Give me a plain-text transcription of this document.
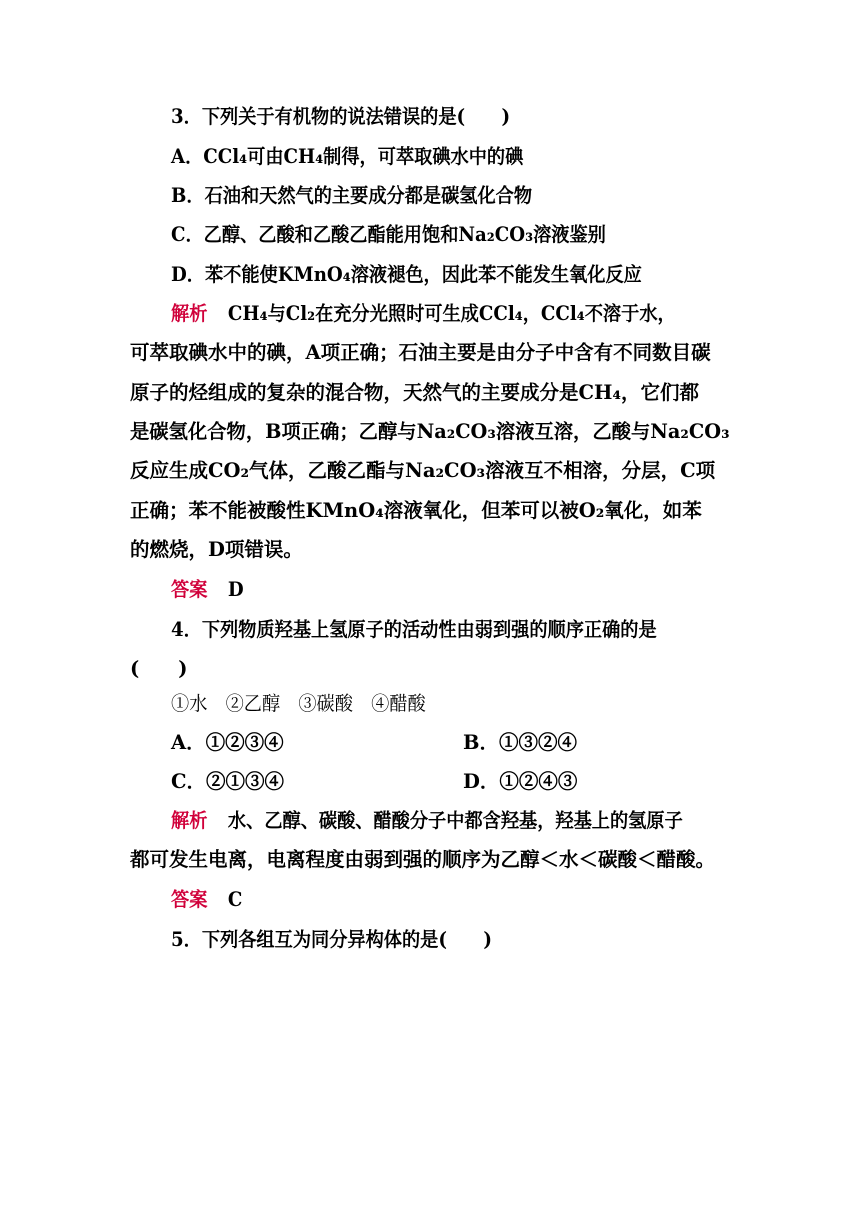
3．下列关于有机物的说法错误的是(　　)
A．CCl₄可由CH₄制得，可萃取碘水中的碘
B．石油和天然气的主要成分都是碳氢化合物
C．乙醇、乙酸和乙酸乙酯能用饱和Na₂CO₃溶液鉴别
D．苯不能使KMnO₄溶液褪色，因此苯不能发生氧化反应
解析 CH₄与Cl₂在充分光照时可生成CCl₄，CCl₄不溶于水，
可萃取碘水中的碘，A项正确；石油主要是由分子中含有不同数目碳
原子的烃组成的复杂的混合物，天然气的主要成分是CH₄，它们都
是碳氢化合物，B项正确；乙醇与Na₂CO₃溶液互溶，乙酸与Na₂CO₃
反应生成CO₂气体，乙酸乙酯与Na₂CO₃溶液互不相溶，分层，C项
正确；苯不能被酸性KMnO₄溶液氧化，但苯可以被O₂氧化，如苯
的燃烧，D项错误。
答案 D
4．下列物质羟基上氢原子的活动性由弱到强的顺序正确的是
(　　)
①水　②乙醇　③碳酸　④醋酸
A．①②③④	B．①③②④
C．②①③④	D．①②④③
解析 水、乙醇、碳酸、醋酸分子中都含羟基，羟基上的氢原子
都可发生电离，电离程度由弱到强的顺序为乙醇＜水＜碳酸＜醋酸。
答案 C
5．下列各组互为同分异构体的是(　　)
